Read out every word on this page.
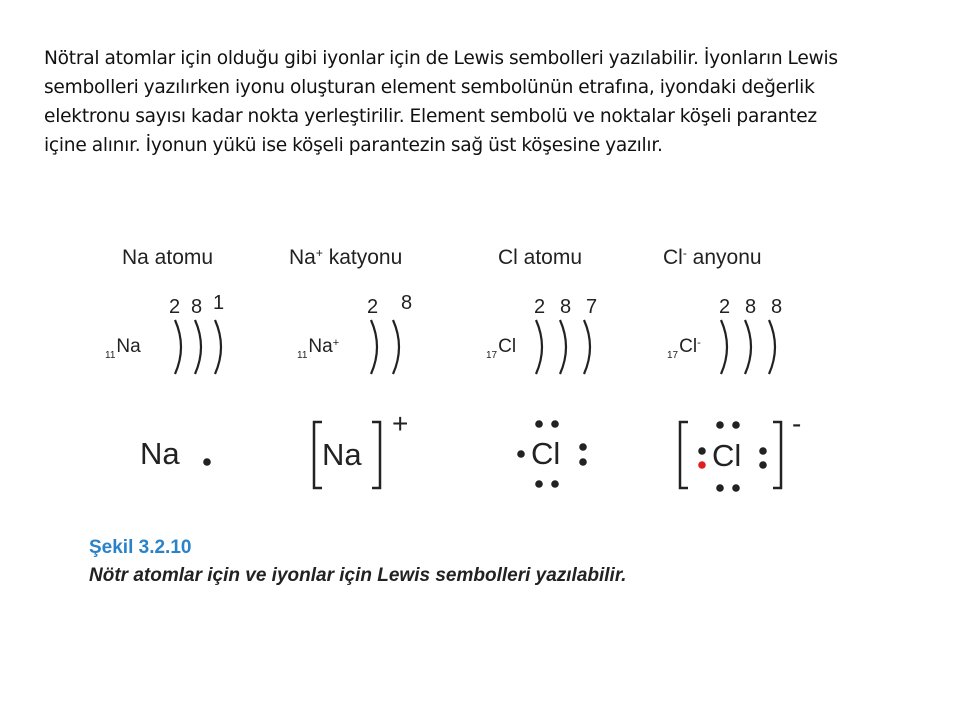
Nötral atomlar için olduğu gibi iyonlar için de Lewis sembolleri yazılabilir. İyonların Lewis
sembolleri yazılırken iyonu oluşturan element sembolünün etrafına, iyondaki değerlik
elektronu sayısı kadar nokta yerleştirilir. Element sembolü ve noktalar köşeli parantez
içine alınır. İyonun yükü ise köşeli parantezin sağ üst köşesine yazılır.
Na atomu	Na+ katyonu	Cl atomu	Cl- anyonu
$_{11}$Na
2 8 1
$_{11}$Na+
2 8
$_{17}$Cl
2 8 7
$_{17}$Cl-
2 8 8
Na	Na
+
Cl	Cl
-
Şekil 3.2.10
Nötr atomlar için ve iyonlar için Lewis sembolleri yazılabilir.
